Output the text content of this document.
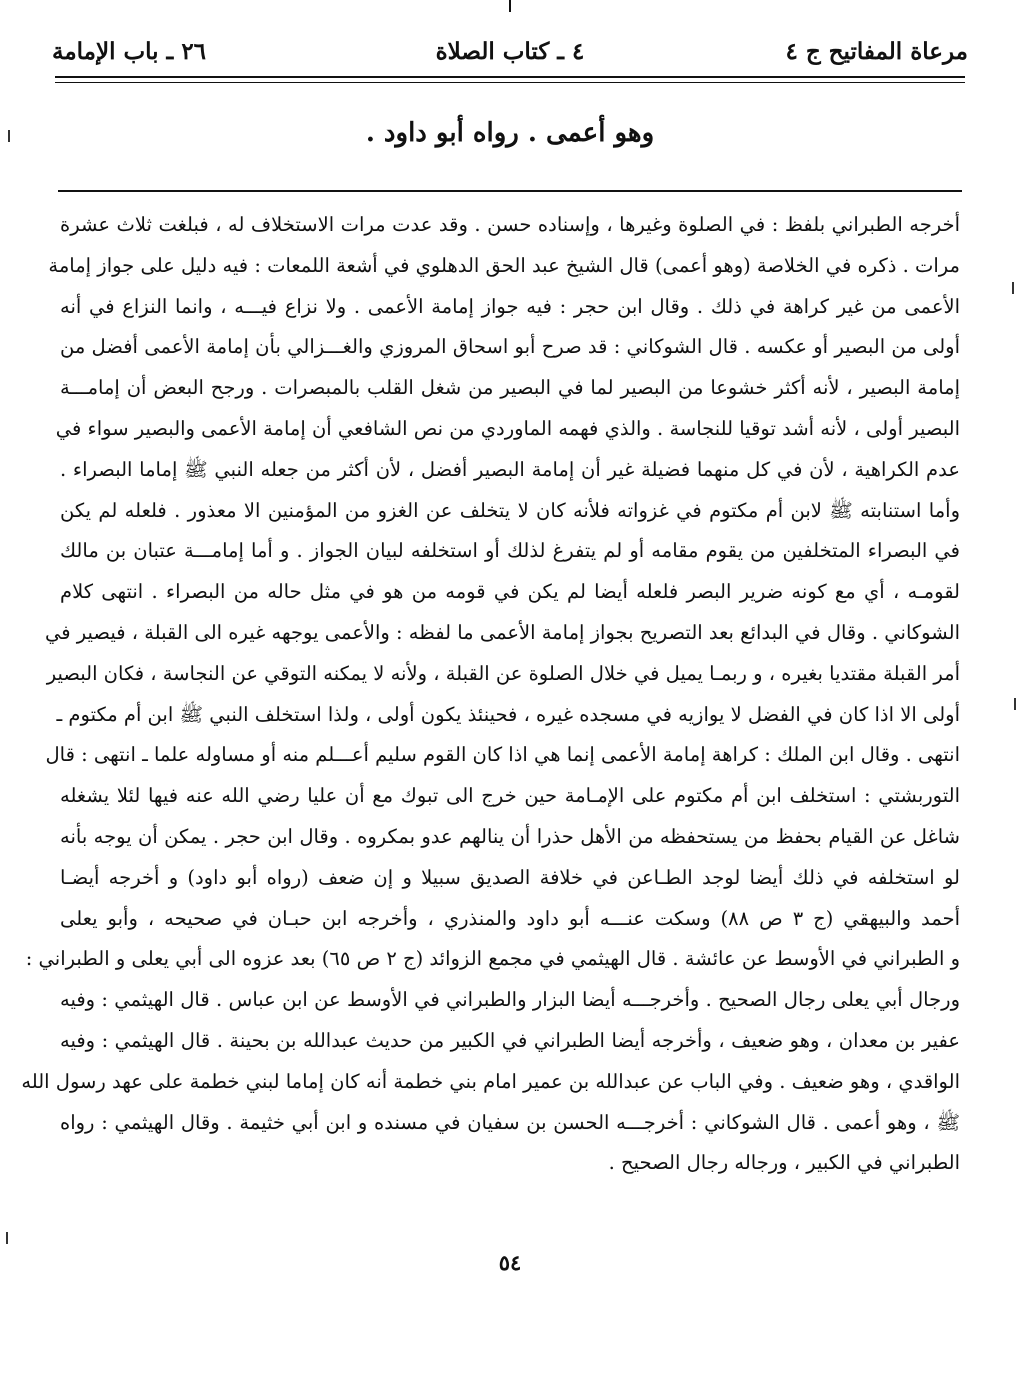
مرعاة المفاتيح ج ٤
٤ ـ كتاب الصلاة
٢٦ ـ باب الإمامة
وهو أعمى . رواه أبو داود .
أخرجه الطبراني بلفظ : في الصلوة وغيرها ، وإسناده حسن . وقد عدت مرات الاستخلاف له ، فبلغت ثلاث عشرة
مرات . ذكره في الخلاصة (وهو أعمى) قال الشيخ عبد الحق الدهلوي في أشعة اللمعات : فيه دليل على جواز إمامة
الأعمى من غير كراهة في ذلك . وقال ابن حجر : فيه جواز إمامة الأعمى . ولا نزاع فيـــه ، وانما النزاع في أنه
أولى من البصير أو عكسه . قال الشوكاني : قد صرح أبو اسحاق المروزي والغـــزالي بأن إمامة الأعمى أفضل من
إمامة البصير ، لأنه أكثر خشوعا من البصير لما في البصير من شغل القلب بالمبصرات . ورجح البعض أن إمامـــة
البصير أولى ، لأنه أشد توقيا للنجاسة . والذي فهمه الماوردي من نص الشافعي أن إمامة الأعمى والبصير سواء في
عدم الكراهية ، لأن في كل منهما فضيلة غير أن إمامة البصير أفضل ، لأن أكثر من جعله النبي ﷺ إماما البصراء .
وأما استنابته ﷺ لابن أم مكتوم في غزواته فلأنه كان لا يتخلف عن الغزو من المؤمنين الا معذور . فلعله لم يكن
في البصراء المتخلفين من يقوم مقامه أو لم يتفرغ لذلك أو استخلفه لبيان الجواز . و أما إمامـــة عتبان بن مالك
لقومـه ، أي مع كونه ضرير البصر فلعله أيضا لم يكن في قومه من هو في مثل حاله من البصراء . انتهى كلام
الشوكاني . وقال في البدائع بعد التصريح بجواز إمامة الأعمى ما لفظه : والأعمى يوجهه غيره الى القبلة ، فيصير في
أمر القبلة مقتديا بغيره ، و ربمـا يميل في خلال الصلوة عن القبلة ، ولأنه لا يمكنه التوقي عن النجاسة ، فكان البصير
أولى الا اذا كان في الفضل لا يوازيه في مسجده غيره ، فحينئذ يكون أولى ، ولذا استخلف النبي ﷺ ابن أم مكتوم ـ
انتهى . وقال ابن الملك : كراهة إمامة الأعمى إنما هي اذا كان القوم سليم أعـــلم منه أو مساوله علما ـ انتهى : قال
التوربشتي : استخلف ابن أم مكتوم على الإمـامة حين خرج الى تبوك مع أن عليا رضي الله عنه فيها لئلا يشغله
شاغل عن القيام بحفظ من يستحفظه من الأهل حذرا أن ينالهم عدو بمكروه . وقال ابن حجر . يمكن أن يوجه بأنه
لو استخلفه في ذلك أيضا لوجد الطـاعن في خلافة الصديق سبيلا و إن ضعف (رواه أبو داود) و أخرجه أيضـا
أحمد والبيهقي (ج ٣ ص ٨٨) وسكت عنـــه أبو داود والمنذري ، وأخرجه ابن حبـان في صحيحه ، وأبو يعلى
و الطبراني في الأوسط عن عائشة . قال الهيثمي في مجمع الزوائد (ج ٢ ص ٦٥) بعد عزوه الى أبي يعلى و الطبراني :
ورجال أبي يعلى رجال الصحيح . وأخرجـــه أيضا البزار والطبراني في الأوسط عن ابن عباس . قال الهيثمي : وفيه
عفير بن معدان ، وهو ضعيف ، وأخرجه أيضا الطبراني في الكبير من حديث عبدالله بن بحينة . قال الهيثمي : وفيه
الواقدي ، وهو ضعيف . وفي الباب عن عبدالله بن عمير امام بني خطمة أنه كان إماما لبني خطمة على عهد رسول الله
ﷺ ، وهو أعمى . قال الشوكاني : أخرجـــه الحسن بن سفيان في مسنده و ابن أبي خثيمة . وقال الهيثمي : رواه
الطبراني في الكبير ، ورجاله رجال الصحيح .
٥٤
